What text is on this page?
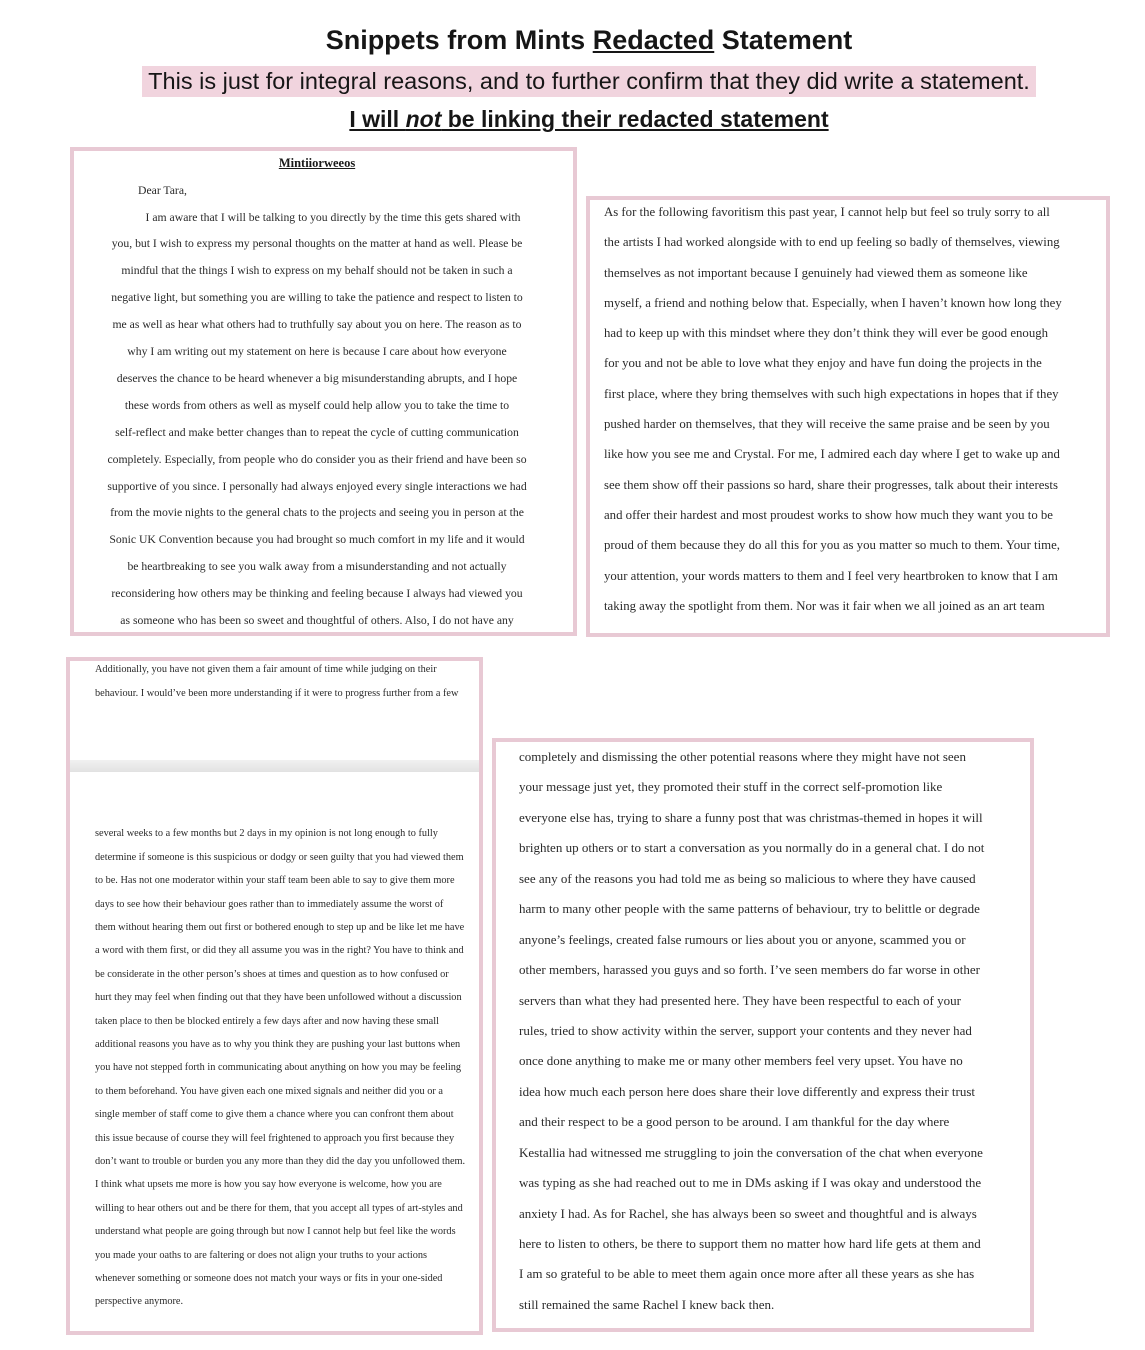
Snippets from Mints Redacted Statement
This is just for integral reasons, and to further confirm that they did write a statement.
I will not be linking their redacted statement
Mintiiorweeos
Dear Tara,
I am aware that I will be talking to you directly by the time this gets shared with
you, but I wish to express my personal thoughts on the matter at hand as well. Please be
mindful that the things I wish to express on my behalf should not be taken in such a
negative light, but something you are willing to take the patience and respect to listen to
me as well as hear what others had to truthfully say about you on here. The reason as to
why I am writing out my statement on here is because I care about how everyone
deserves the chance to be heard whenever a big misunderstanding abrupts, and I hope
these words from others as well as myself could help allow you to take the time to
self-reflect and make better changes than to repeat the cycle of cutting communication
completely. Especially, from people who do consider you as their friend and have been so
supportive of you since. I personally had always enjoyed every single interactions we had
from the movie nights to the general chats to the projects and seeing you in person at the
Sonic UK Convention because you had brought so much comfort in my life and it would
be heartbreaking to see you walk away from a misunderstanding and not actually
reconsidering how others may be thinking and feeling because I always had viewed you
as someone who has been so sweet and thoughtful of others. Also, I do not have any
As for the following favoritism this past year, I cannot help but feel so truly sorry to all
the artists I had worked alongside with to end up feeling so badly of themselves, viewing
themselves as not important because I genuinely had viewed them as someone like
myself, a friend and nothing below that. Especially, when I haven’t known how long they
had to keep up with this mindset where they don’t think they will ever be good enough
for you and not be able to love what they enjoy and have fun doing the projects in the
first place, where they bring themselves with such high expectations in hopes that if they
pushed harder on themselves, that they will receive the same praise and be seen by you
like how you see me and Crystal. For me, I admired each day where I get to wake up and
see them show off their passions so hard, share their progresses, talk about their interests
and offer their hardest and most proudest works to show how much they want you to be
proud of them because they do all this for you as you matter so much to them. Your time,
your attention, your words matters to them and I feel very heartbroken to know that I am
taking away the spotlight from them. Nor was it fair when we all joined as an art team
Additionally, you have not given them a fair amount of time while judging on their
behaviour. I would’ve been more understanding if it were to progress further from a few
several weeks to a few months but 2 days in my opinion is not long enough to fully
determine if someone is this suspicious or dodgy or seen guilty that you had viewed them
to be. Has not one moderator within your staff team been able to say to give them more
days to see how their behaviour goes rather than to immediately assume the worst of
them without hearing them out first or bothered enough to step up and be like let me have
a word with them first, or did they all assume you was in the right? You have to think and
be considerate in the other person’s shoes at times and question as to how confused or
hurt they may feel when finding out that they have been unfollowed without a discussion
taken place to then be blocked entirely a few days after and now having these small
additional reasons you have as to why you think they are pushing your last buttons when
you have not stepped forth in communicating about anything on how you may be feeling
to them beforehand. You have given each one mixed signals and neither did you or a
single member of staff come to give them a chance where you can confront them about
this issue because of course they will feel frightened to approach you first because they
don’t want to trouble or burden you any more than they did the day you unfollowed them.
I think what upsets me more is how you say how everyone is welcome, how you are
willing to hear others out and be there for them, that you accept all types of art-styles and
understand what people are going through but now I cannot help but feel like the words
you made your oaths to are faltering or does not align your truths to your actions
whenever something or someone does not match your ways or fits in your one-sided
perspective anymore.
completely and dismissing the other potential reasons where they might have not seen
your message just yet, they promoted their stuff in the correct self-promotion like
everyone else has, trying to share a funny post that was christmas-themed in hopes it will
brighten up others or to start a conversation as you normally do in a general chat. I do not
see any of the reasons you had told me as being so malicious to where they have caused
harm to many other people with the same patterns of behaviour, try to belittle or degrade
anyone’s feelings, created false rumours or lies about you or anyone, scammed you or
other members, harassed you guys and so forth. I’ve seen members do far worse in other
servers than what they had presented here. They have been respectful to each of your
rules, tried to show activity within the server, support your contents and they never had
once done anything to make me or many other members feel very upset. You have no
idea how much each person here does share their love differently and express their trust
and their respect to be a good person to be around. I am thankful for the day where
Kestallia had witnessed me struggling to join the conversation of the chat when everyone
was typing as she had reached out to me in DMs asking if I was okay and understood the
anxiety I had. As for Rachel, she has always been so sweet and thoughtful and is always
here to listen to others, be there to support them no matter how hard life gets at them and
I am so grateful to be able to meet them again once more after all these years as she has
still remained the same Rachel I knew back then.
